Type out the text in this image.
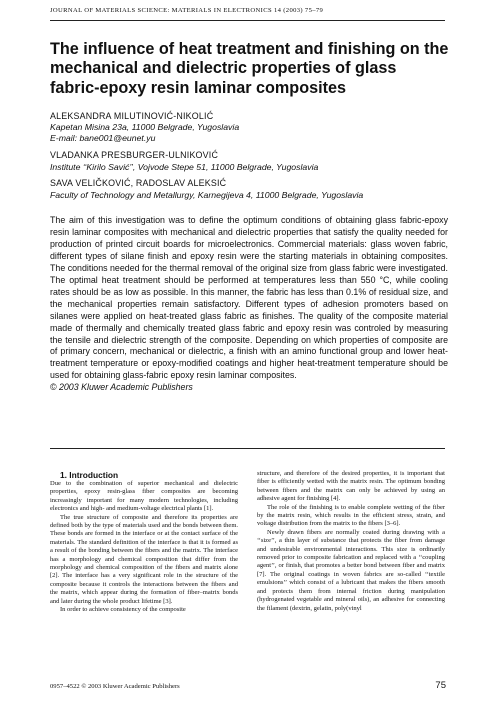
JOURNAL OF MATERIALS SCIENCE: MATERIALS IN ELECTRONICS 14 (2003) 75–79
The influence of heat treatment and finishing on the mechanical and dielectric properties of glass fabric-epoxy resin laminar composites
ALEKSANDRA MILUTINOVIĆ-NIKOLIĆ
Kapetan Misina 23a, 11000 Belgrade, Yugoslavia
E-mail: bane001@eunet.yu
VLADANKA PRESBURGER-ULNIKOVIĆ
Institute ‘‘Kirilo Savić’’, Vojvode Stepe 51, 11000 Belgrade, Yugoslavia
SAVA VELIČKOVIĆ, RADOSLAV ALEKSIĆ
Faculty of Technology and Metallurgy, Karnegijeva 4, 11000 Belgrade, Yugoslavia
The aim of this investigation was to define the optimum conditions of obtaining glass fabric-epoxy resin laminar composites with mechanical and dielectric properties that satisfy the quality needed for production of printed circuit boards for microelectronics. Commercial materials: glass woven fabric, different types of silane finish and epoxy resin were the starting materials in obtaining composites. The conditions needed for the thermal removal of the original size from glass fabric were investigated. The optimal heat treatment should be performed at temperatures less than 550 °C, while cooling rates should be as low as possible. In this manner, the fabric has less than 0.1% of residual size, and the mechanical properties remain satisfactory. Different types of adhesion promoters based on silanes were applied on heat-treated glass fabric as finishes. The quality of the composite material made of thermally and chemically treated glass fabric and epoxy resin was controled by measuring the tensile and dielectric strength of the composite. Depending on which properties of composite are of primary concern, mechanical or dielectric, a finish with an amino functional group and lower heat-treatment temperature or epoxy-modified coatings and higher heat-treatment temperature should be used for obtaining glass-fabric epoxy resin laminar composites.
© 2003 Kluwer Academic Publishers

1. Introduction

Due to the combination of superior mechanical and dielectric properties, epoxy resin-glass fiber composites are becoming increasingly important for many modern technologies, including electronics and high- and medium-voltage electrical plants [1].

The true structure of composite and therefore its properties are defined both by the type of materials used and the bonds between them. These bonds are formed in the interface or at the contact surface of the materials. The standard definition of the interface is that it is formed as a result of the bonding between the fibers and the matrix. The interface has a morphology and chemical composition that differ from the morphology and chemical composition of the fibers and matrix alone [2]. The interface has a very significant role in the structure of the composite because it controls the interactions between the fibers and the matrix, which appear during the formation of fiber–matrix bonds and later during the whole product lifetime [3].

In order to achieve consistency of the composite

structure, and therefore of the desired properties, it is important that fiber is efficiently wetted with the matrix resin. The optimum bonding between fibers and the matrix can only be achieved by using an adhesive agent for finishing [4].

The role of the finishing is to enable complete wetting of the fiber by the matrix resin, which results in the efficient stress, strain, and voltage distribution from the matrix to the fibers [3–6].

Newly drawn fibers are normally coated during drawing with a ‘‘size’’, a thin layer of substance that protects the fiber from damage and undesirable environmental interactions. This size is ordinarily removed prior to composite fabrication and replaced with a ‘‘coupling agent’’, or finish, that promotes a better bond between fiber and matrix [7]. The original coatings in woven fabrics are so-called ‘‘textile emulsions’’ which consist of a lubricant that makes the fibers smooth and protects them from internal friction during manipulation (hydrogenated vegetable and mineral oils), an adhesive for connecting the filament (dextrin, gelatin, poly(vinyl

0957–4522 © 2003 Kluwer Academic Publishers	75
